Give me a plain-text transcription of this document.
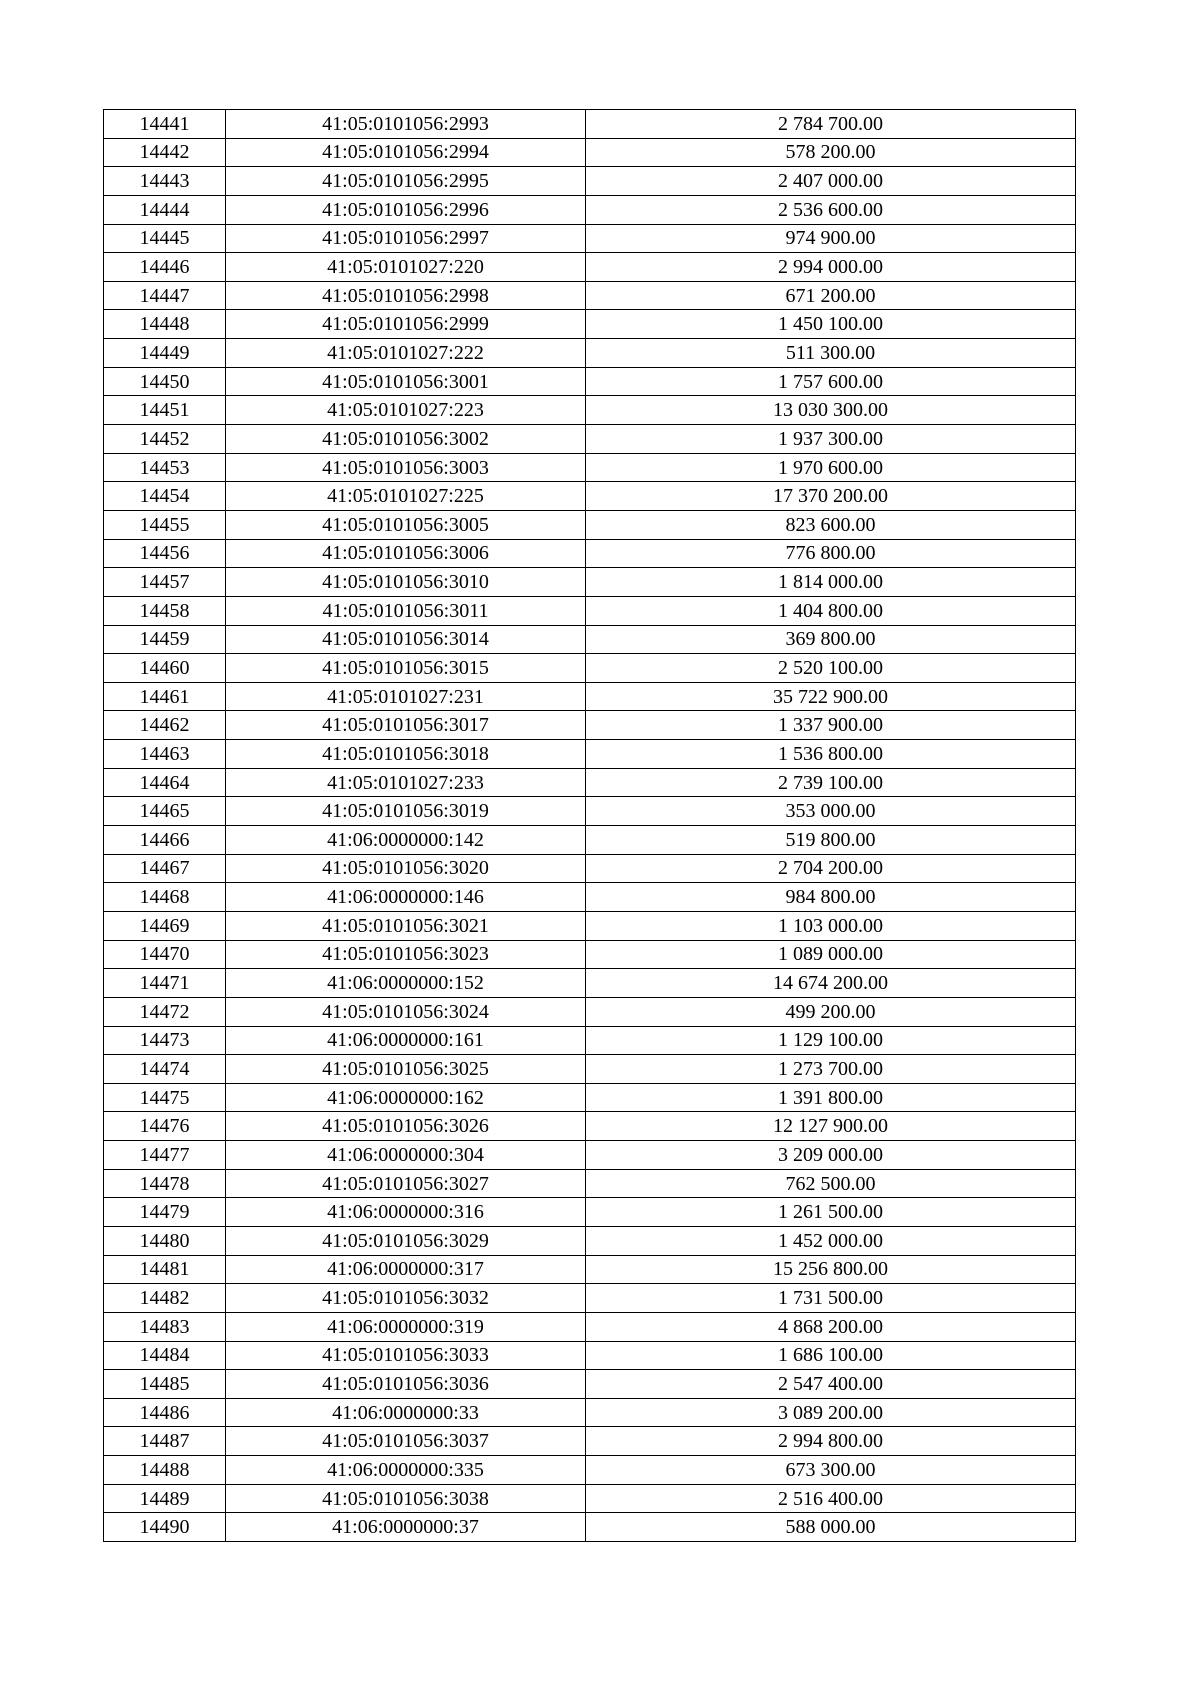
14441	41:05:0101056:2993	2 784 700.00
14442	41:05:0101056:2994	578 200.00
14443	41:05:0101056:2995	2 407 000.00
14444	41:05:0101056:2996	2 536 600.00
14445	41:05:0101056:2997	974 900.00
14446	41:05:0101027:220	2 994 000.00
14447	41:05:0101056:2998	671 200.00
14448	41:05:0101056:2999	1 450 100.00
14449	41:05:0101027:222	511 300.00
14450	41:05:0101056:3001	1 757 600.00
14451	41:05:0101027:223	13 030 300.00
14452	41:05:0101056:3002	1 937 300.00
14453	41:05:0101056:3003	1 970 600.00
14454	41:05:0101027:225	17 370 200.00
14455	41:05:0101056:3005	823 600.00
14456	41:05:0101056:3006	776 800.00
14457	41:05:0101056:3010	1 814 000.00
14458	41:05:0101056:3011	1 404 800.00
14459	41:05:0101056:3014	369 800.00
14460	41:05:0101056:3015	2 520 100.00
14461	41:05:0101027:231	35 722 900.00
14462	41:05:0101056:3017	1 337 900.00
14463	41:05:0101056:3018	1 536 800.00
14464	41:05:0101027:233	2 739 100.00
14465	41:05:0101056:3019	353 000.00
14466	41:06:0000000:142	519 800.00
14467	41:05:0101056:3020	2 704 200.00
14468	41:06:0000000:146	984 800.00
14469	41:05:0101056:3021	1 103 000.00
14470	41:05:0101056:3023	1 089 000.00
14471	41:06:0000000:152	14 674 200.00
14472	41:05:0101056:3024	499 200.00
14473	41:06:0000000:161	1 129 100.00
14474	41:05:0101056:3025	1 273 700.00
14475	41:06:0000000:162	1 391 800.00
14476	41:05:0101056:3026	12 127 900.00
14477	41:06:0000000:304	3 209 000.00
14478	41:05:0101056:3027	762 500.00
14479	41:06:0000000:316	1 261 500.00
14480	41:05:0101056:3029	1 452 000.00
14481	41:06:0000000:317	15 256 800.00
14482	41:05:0101056:3032	1 731 500.00
14483	41:06:0000000:319	4 868 200.00
14484	41:05:0101056:3033	1 686 100.00
14485	41:05:0101056:3036	2 547 400.00
14486	41:06:0000000:33	3 089 200.00
14487	41:05:0101056:3037	2 994 800.00
14488	41:06:0000000:335	673 300.00
14489	41:05:0101056:3038	2 516 400.00
14490	41:06:0000000:37	588 000.00
